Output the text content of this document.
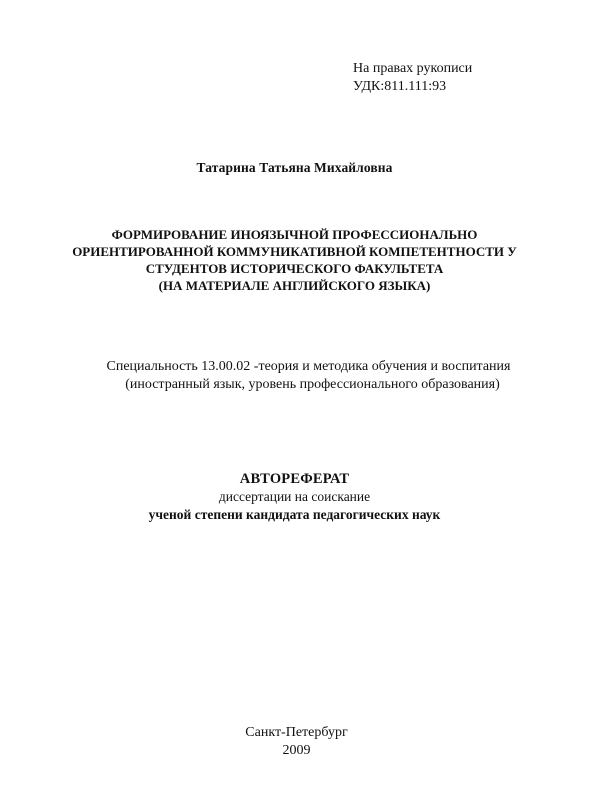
На правах рукописи
УДК:811.111:93
Татарина Татьяна Михайловна
ФОРМИРОВАНИЕ ИНОЯЗЫЧНОЙ ПРОФЕССИОНАЛЬНО
ОРИЕНТИРОВАННОЙ КОММУНИКАТИВНОЙ КОМПЕТЕНТНОСТИ У
СТУДЕНТОВ ИСТОРИЧЕСКОГО ФАКУЛЬТЕТА
(НА МАТЕРИАЛЕ АНГЛИЙСКОГО ЯЗЫКА)
Специальность 13.00.02 -теория и методика обучения и воспитания
(иностранный язык, уровень профессионального образования)
АВТОРЕФЕРАТ
диссертации на соискание
ученой степени кандидата педагогических наук
Санкт-Петербург
2009
